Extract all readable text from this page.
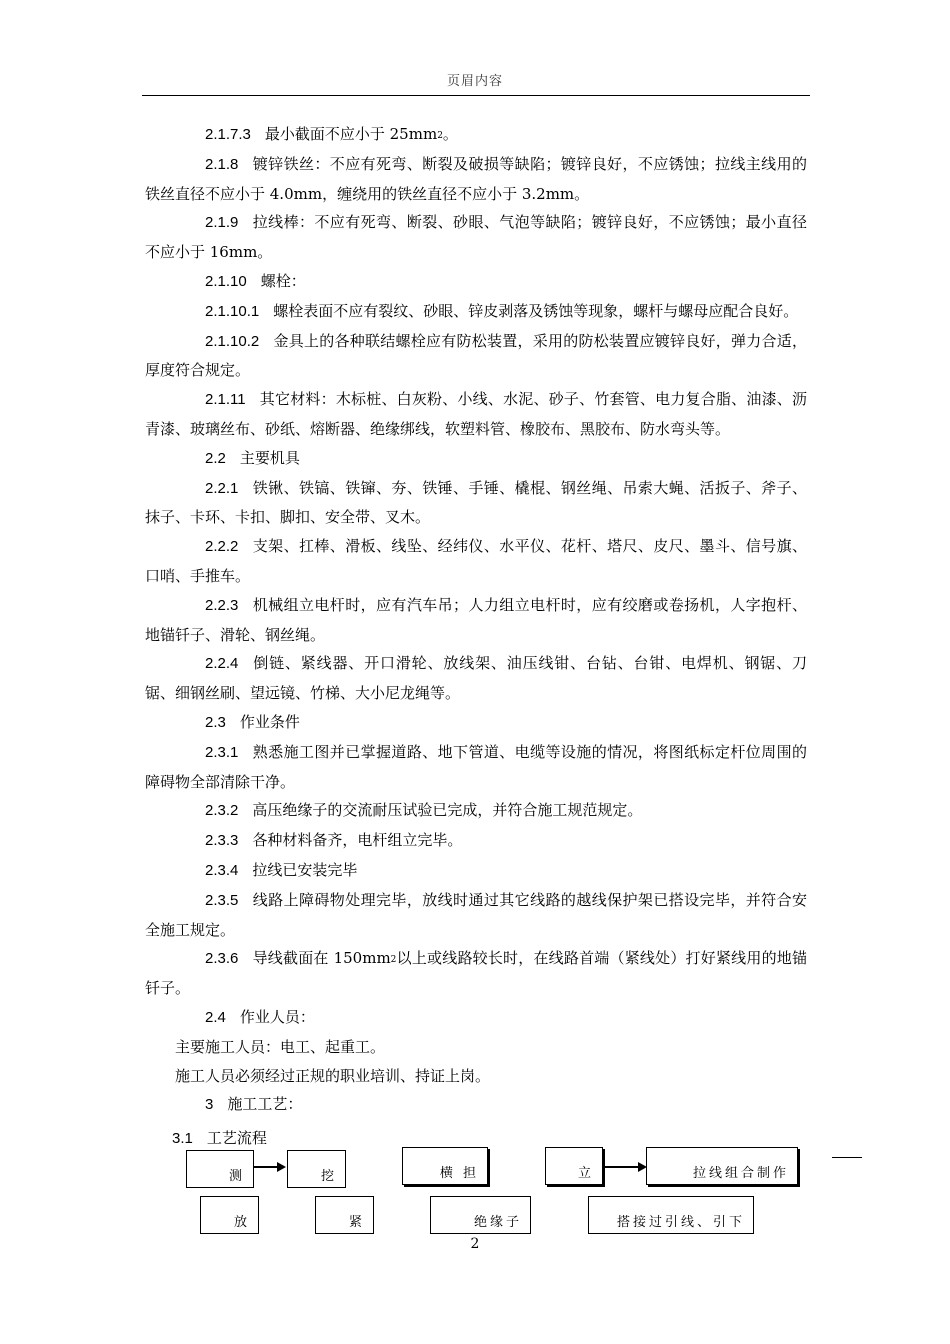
页眉内容

2.1.7.3 最小截面不应小于 $25mm^2$。

2.1.8 镀锌铁丝：不应有死弯、断裂及破损等缺陷；镀锌良好，不应锈蚀；拉线主线用的铁丝直径不应小于 4.0mm，缠绕用的铁丝直径不应小于 3.2mm。

2.1.9 拉线棒：不应有死弯、断裂、砂眼、气泡等缺陷；镀锌良好，不应锈蚀；最小直径不应小于 16mm。

2.1.10 螺栓：

2.1.10.1 螺栓表面不应有裂纹、砂眼、锌皮剥落及锈蚀等现象，螺杆与螺母应配合良好。

2.1.10.2 金具上的各种联结螺栓应有防松装置，采用的防松装置应镀锌良好，弹力合适，厚度符合规定。

2.1.11 其它材料：木标桩、白灰粉、小线、水泥、砂子、竹套管、电力复合脂、油漆、沥青漆、玻璃丝布、砂纸、熔断器、绝缘绑线，软塑料管、橡胶布、黑胶布、防水弯头等。

2.2 主要机具

2.2.1 铁锹、铁镐、铁镩、夯、铁锤、手锤、橇棍、钢丝绳、吊索大蝇、活扳子、斧子、抹子、卡环、卡扣、脚扣、安全带、叉木。

2.2.2 支架、扛棒、滑板、线坠、经纬仪、水平仪、花杆、塔尺、皮尺、墨斗、信号旗、口哨、手推车。

2.2.3 机械组立电杆时，应有汽车吊；人力组立电杆时，应有绞磨或卷扬机，人字抱杆、地锚钎子、滑轮、钢丝绳。

2.2.4 倒链、紧线器、开口滑轮、放线架、油压线钳、台钻、台钳、电焊机、钢锯、刀锯、细钢丝刷、望远镜、竹梯、大小尼龙绳等。

2.3 作业条件

2.3.1 熟悉施工图并已掌握道路、地下管道、电缆等设施的情况，将图纸标定杆位周围的障碍物全部清除干净。

2.3.2 高压绝缘子的交流耐压试验已完成，并符合施工规范规定。

2.3.3 各种材料备齐，电杆组立完毕。

2.3.4 拉线已安装完毕

2.3.5 线路上障碍物处理完毕，放线时通过其它线路的越线保护架已搭设完毕，并符合安全施工规定。

2.3.6 导线截面在 $150mm^2$以上或线路较长时，在线路首端（紧线处）打好紧线用的地锚钎子。

2.4 作业人员：

主要施工人员：电工、起重工。

施工人员必须经过正规的职业培训、持证上岗。

3 施工工艺：

3.1 工艺流程
测	挖	横 担	立	拉线组合制作
放	紧	绝缘子	搭接过引线、引下
2
